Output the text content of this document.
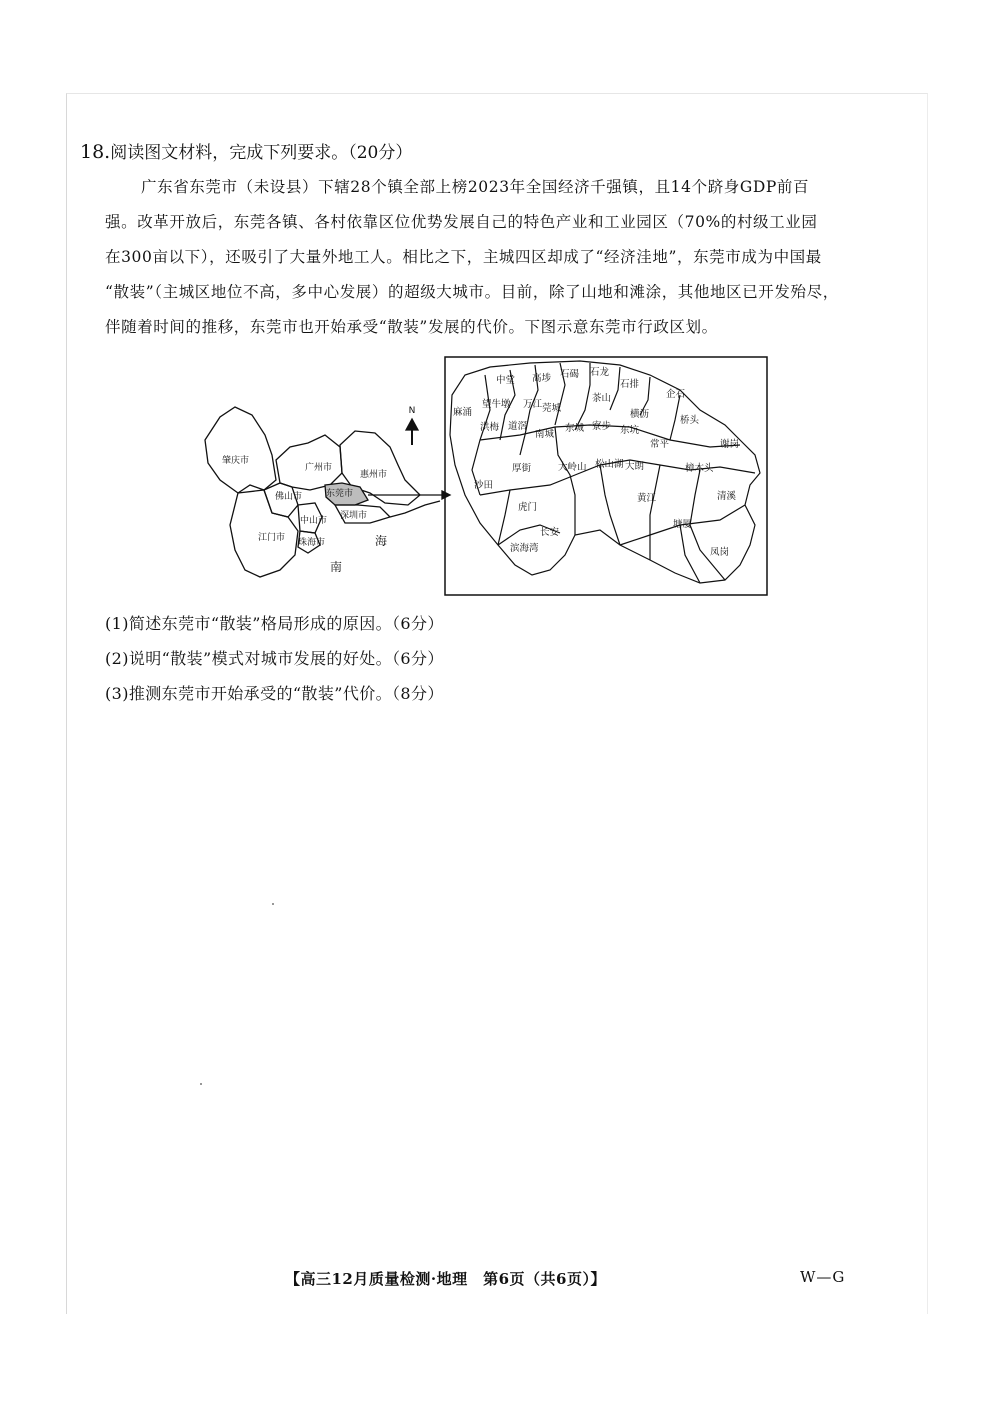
18.阅读图文材料，完成下列要求。（20分）
广东省东莞市（未设县）下辖28个镇全部上榜2023年全国经济千强镇，且14个跻身GDP前百
强。改革开放后，东莞各镇、各村依靠区位优势发展自己的特色产业和工业园区（70%的村级工业园
在300亩以下），还吸引了大量外地工人。相比之下，主城四区却成了“经济洼地”，东莞市成为中国最
“散装”（主城区地位不高，多中心发展）的超级大城市。目前，除了山地和滩涂，其他地区已开发殆尽，
伴随着时间的推移，东莞市也开始承受“散装”发展的代价。下图示意东莞市行政区划。
N
肇庆市
广州市
惠州市
佛山市	东莞市
中山市 深圳市
江门市 珠海市
南
海
中堂 高埗 石碣 石龙
石排
企石
麻涌
望牛墩 万江 莞城
茶山
横沥
桥头
洪梅 道滘
南城
东城 寮步 东坑
常平	谢岗
厚街	大岭山 松山湖 大朗	樟木头
沙田
黄江	清溪
虎门
塘厦
长安
滨海湾	凤岗
(1)简述东莞市“散装”格局形成的原因。（6分）
(2)说明“散装”模式对城市发展的好处。（6分）
(3)推测东莞市开始承受的“散装”代价。（8分）
【高三12月质量检测·地理　第6页（共6页）】	W—G
